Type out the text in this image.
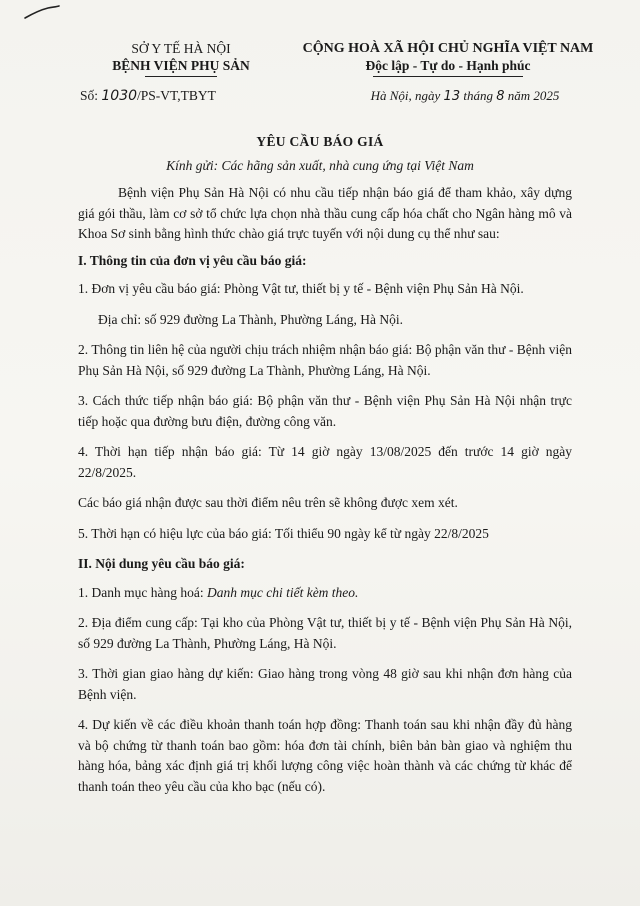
SỞ Y TẾ HÀ NỘI
BỆNH VIỆN PHỤ SẢN
CỘNG HOÀ XÃ HỘI CHỦ NGHĨA VIỆT NAM
Độc lập - Tự do - Hạnh phúc
Số: 1030/PS-VT,TBYT	Hà Nội, ngày 13 tháng 8 năm 2025
YÊU CẦU BÁO GIÁ
Kính gửi: Các hãng sản xuất, nhà cung ứng tại Việt Nam

Bệnh viện Phụ Sản Hà Nội có nhu cầu tiếp nhận báo giá để tham khảo, xây dựng giá gói thầu, làm cơ sở tổ chức lựa chọn nhà thầu cung cấp hóa chất cho Ngân hàng mô và Khoa Sơ sinh bằng hình thức chào giá trực tuyến với nội dung cụ thể như sau:

I. Thông tin của đơn vị yêu cầu báo giá:

1. Đơn vị yêu cầu báo giá: Phòng Vật tư, thiết bị y tế - Bệnh viện Phụ Sản Hà Nội.

Địa chỉ: số 929 đường La Thành, Phường Láng, Hà Nội.

2. Thông tin liên hệ của người chịu trách nhiệm nhận báo giá: Bộ phận văn thư - Bệnh viện Phụ Sản Hà Nội, số 929 đường La Thành, Phường Láng, Hà Nội.

3. Cách thức tiếp nhận báo giá: Bộ phận văn thư - Bệnh viện Phụ Sản Hà Nội nhận trực tiếp hoặc qua đường bưu điện, đường công văn.

4. Thời hạn tiếp nhận báo giá: Từ 14 giờ ngày 13/08/2025 đến trước 14 giờ ngày 22/8/2025.

Các báo giá nhận được sau thời điểm nêu trên sẽ không được xem xét.

5. Thời hạn có hiệu lực của báo giá: Tối thiểu 90 ngày kể từ ngày 22/8/2025

II. Nội dung yêu cầu báo giá:

1. Danh mục hàng hoá: Danh mục chi tiết kèm theo.

2. Địa điểm cung cấp: Tại kho của Phòng Vật tư, thiết bị y tế - Bệnh viện Phụ Sản Hà Nội, số 929 đường La Thành, Phường Láng, Hà Nội.

3. Thời gian giao hàng dự kiến: Giao hàng trong vòng 48 giờ sau khi nhận đơn hàng của Bệnh viện.

4. Dự kiến về các điều khoản thanh toán hợp đồng: Thanh toán sau khi nhận đầy đủ hàng và bộ chứng từ thanh toán bao gồm: hóa đơn tài chính, biên bản bàn giao và nghiệm thu hàng hóa, bảng xác định giá trị khối lượng công việc hoàn thành và các chứng từ khác để thanh toán theo yêu cầu của kho bạc (nếu có).
